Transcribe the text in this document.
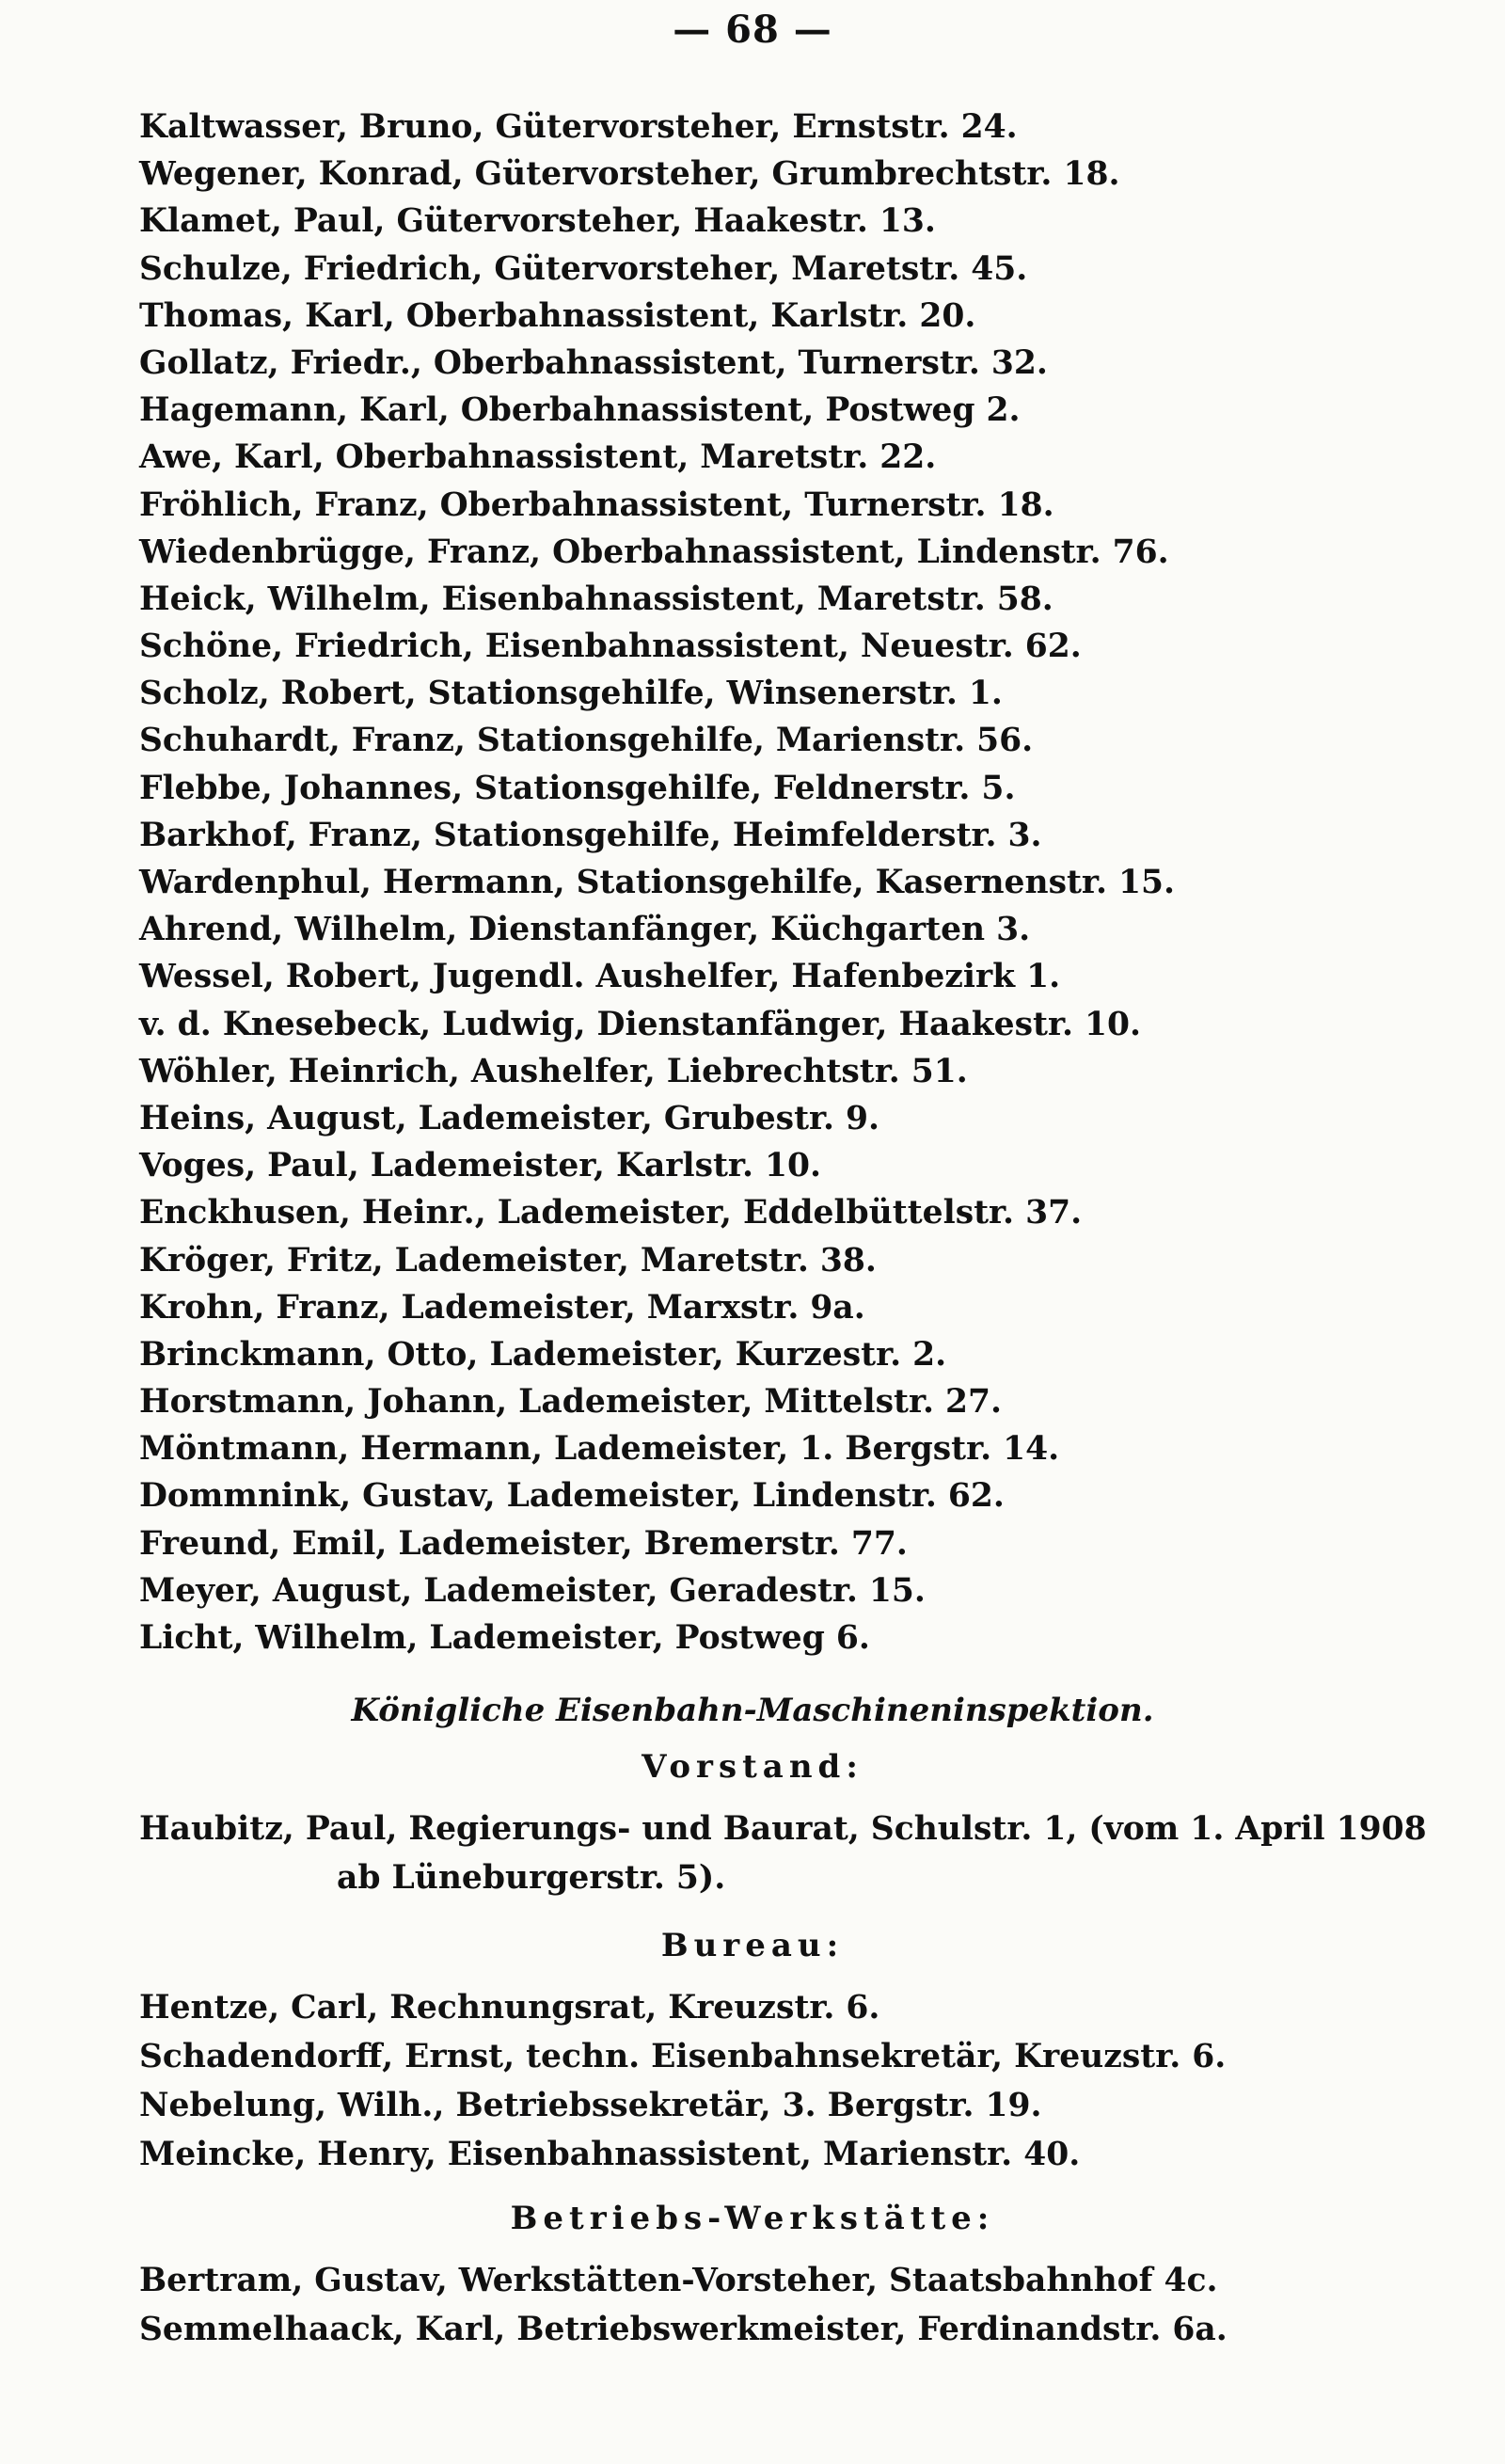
— 68 —
Kaltwasser, Bruno, Gütervorsteher, Ernststr. 24.
Wegener, Konrad, Gütervorsteher, Grumbrechtstr. 18.
Klamet, Paul, Gütervorsteher, Haakestr. 13.
Schulze, Friedrich, Gütervorsteher, Maretstr. 45.
Thomas, Karl, Oberbahnassistent, Karlstr. 20.
Gollatz, Friedr., Oberbahnassistent, Turnerstr. 32.
Hagemann, Karl, Oberbahnassistent, Postweg 2.
Awe, Karl, Oberbahnassistent, Maretstr. 22.
Fröhlich, Franz, Oberbahnassistent, Turnerstr. 18.
Wiedenbrügge, Franz, Oberbahnassistent, Lindenstr. 76.
Heick, Wilhelm, Eisenbahnassistent, Maretstr. 58.
Schöne, Friedrich, Eisenbahnassistent, Neuestr. 62.
Scholz, Robert, Stationsgehilfe, Winsenerstr. 1.
Schuhardt, Franz, Stationsgehilfe, Marienstr. 56.
Flebbe, Johannes, Stationsgehilfe, Feldnerstr. 5.
Barkhof, Franz, Stationsgehilfe, Heimfelderstr. 3.
Wardenphul, Hermann, Stationsgehilfe, Kasernenstr. 15.
Ahrend, Wilhelm, Dienstanfänger, Küchgarten 3.
Wessel, Robert, Jugendl. Aushelfer, Hafenbezirk 1.
v. d. Knesebeck, Ludwig, Dienstanfänger, Haakestr. 10.
Wöhler, Heinrich, Aushelfer, Liebrechtstr. 51.
Heins, August, Lademeister, Grubestr. 9.
Voges, Paul, Lademeister, Karlstr. 10.
Enckhusen, Heinr., Lademeister, Eddelbüttelstr. 37.
Kröger, Fritz, Lademeister, Maretstr. 38.
Krohn, Franz, Lademeister, Marxstr. 9a.
Brinckmann, Otto, Lademeister, Kurzestr. 2.
Horstmann, Johann, Lademeister, Mittelstr. 27.
Möntmann, Hermann, Lademeister, 1. Bergstr. 14.
Dommnink, Gustav, Lademeister, Lindenstr. 62.
Freund, Emil, Lademeister, Bremerstr. 77.
Meyer, August, Lademeister, Geradestr. 15.
Licht, Wilhelm, Lademeister, Postweg 6.
Königliche Eisenbahn-Maschineninspektion.
Vorstand:
Haubitz, Paul, Regierungs- und Baurat, Schulstr. 1, (vom 1. April 1908
ab Lüneburgerstr. 5).
Bureau:
Hentze, Carl, Rechnungsrat, Kreuzstr. 6.
Schadendorff, Ernst, techn. Eisenbahnsekretär, Kreuzstr. 6.
Nebelung, Wilh., Betriebssekretär, 3. Bergstr. 19.
Meincke, Henry, Eisenbahnassistent, Marienstr. 40.
Betriebs-Werkstätte:
Bertram, Gustav, Werkstätten-Vorsteher, Staatsbahnhof 4c.
Semmelhaack, Karl, Betriebswerkmeister, Ferdinandstr. 6a.
